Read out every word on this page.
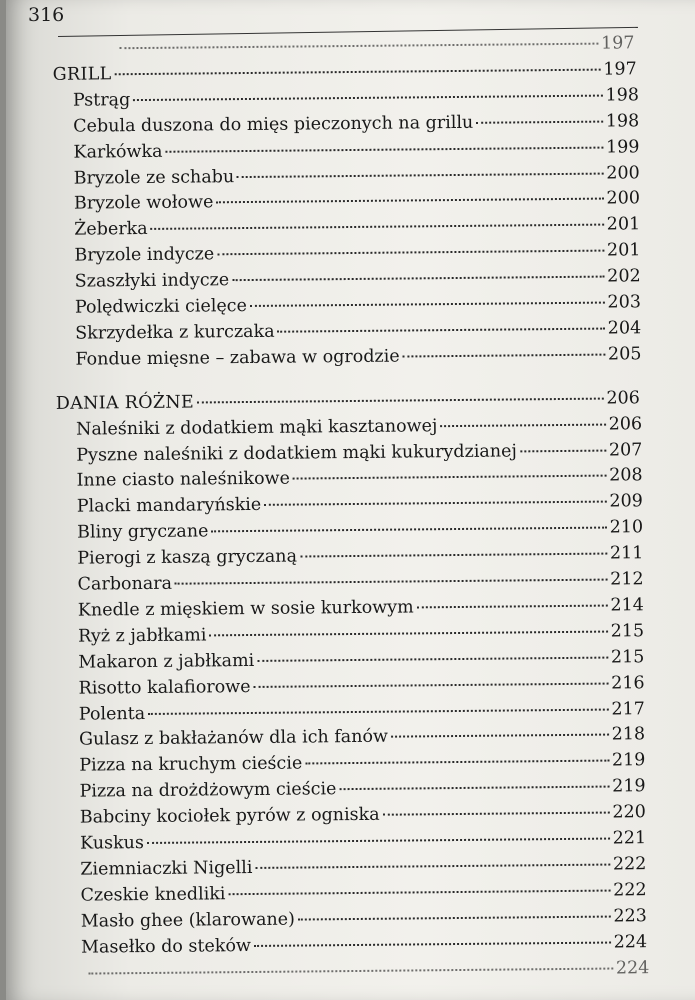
316
197
GRILL	197
Pstrąg	198
Cebula duszona do mięs pieczonych na grillu	198
Karkówka	199
Bryzole ze schabu	200
Bryzole wołowe	200
Żeberka	201
Bryzole indycze	201
Szaszłyki indycze	202
Polędwiczki cielęce	203
Skrzydełka z kurczaka	204
Fondue mięsne – zabawa w ogrodzie	205
DANIA RÓŻNE	206
Naleśniki z dodatkiem mąki kasztanowej	206
Pyszne naleśniki z dodatkiem mąki kukurydzianej	207
Inne ciasto naleśnikowe	208
Placki mandaryńskie	209
Bliny gryczane	210
Pierogi z kaszą gryczaną	211
Carbonara	212
Knedle z mięskiem w sosie kurkowym	214
Ryż z jabłkami	215
Makaron z jabłkami	215
Risotto kalafiorowe	216
Polenta	217
Gulasz z bakłażanów dla ich fanów	218
Pizza na kruchym cieście	219
Pizza na drożdżowym cieście	219
Babciny kociołek pyrów z ogniska	220
Kuskus	221
Ziemniaczki Nigelli	222
Czeskie knedliki	222
Masło ghee (klarowane)	223
Masełko do steków	224
224
